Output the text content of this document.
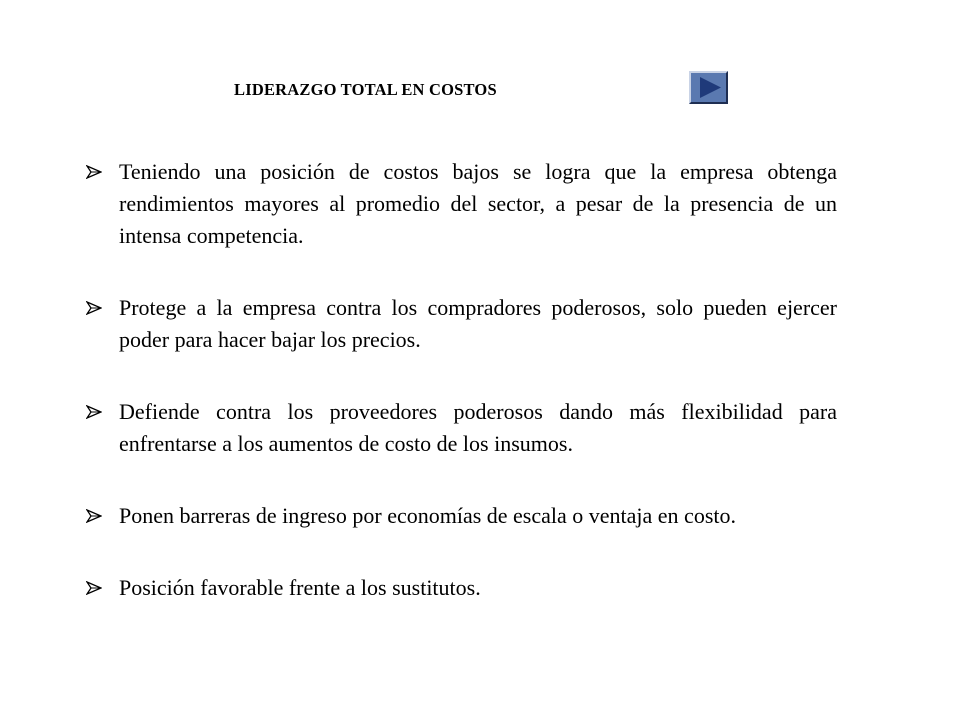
LIDERAZGO TOTAL EN COSTOS
Teniendo una posición de costos bajos se logra que la empresa obtenga rendimientos mayores al promedio del sector, a pesar de la presencia de un intensa competencia.
Protege a la empresa contra los compradores poderosos, solo pueden ejercer poder para hacer bajar los precios.
Defiende contra los proveedores poderosos dando más flexibilidad para enfrentarse a los aumentos de costo de los insumos.
Ponen barreras de ingreso por economías de escala o ventaja en costo.
Posición favorable frente a los sustitutos.
